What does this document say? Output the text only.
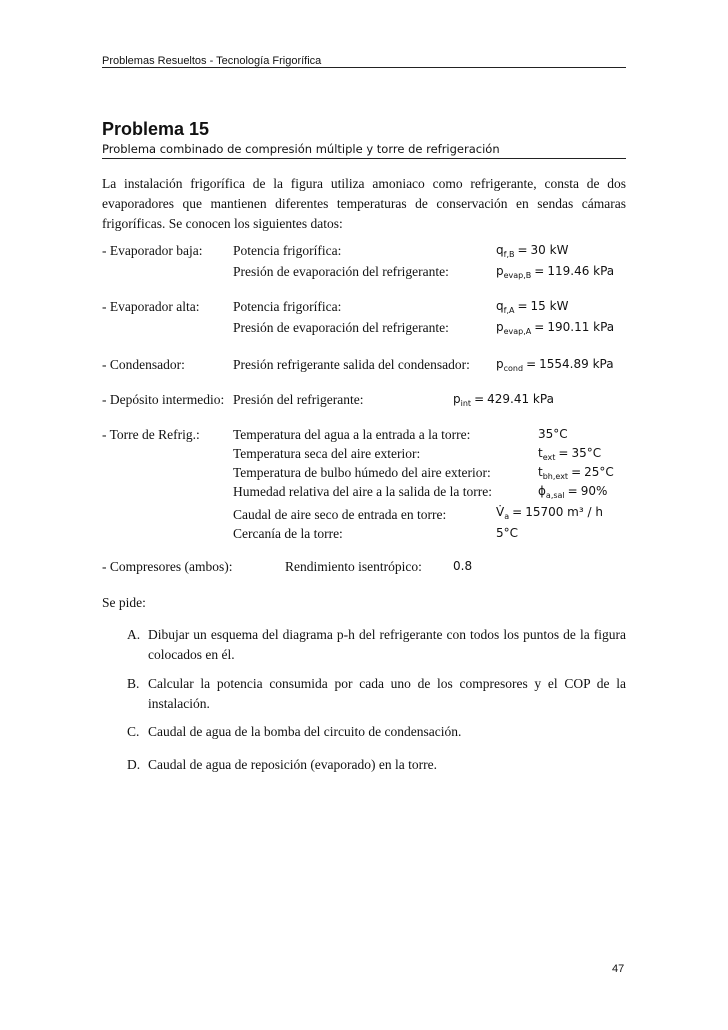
Problemas Resueltos - Tecnología Frigorífica
Problema 15
Problema combinado de compresión múltiple y torre de refrigeración
La instalación frigorífica de la figura utiliza amoniaco como refrigerante, consta de dos evaporadores que mantienen diferentes temperaturas de conservación en sendas cámaras frigoríficas. Se conocen los siguientes datos:
- Evaporador baja: Potencia frigorífica:	$q_{f,B} = 30$ kW
Presión de evaporación del refrigerante:	$p_{evap,B} = 119.46$ kPa
- Evaporador alta: Potencia frigorífica:	$q_{f,A} = 15$ kW
Presión de evaporación del refrigerante:	$p_{evap,A} = 190.11$ kPa
- Condensador:	Presión refrigerante salida del condensador: $p_{cond} = 1554.89$ kPa
- Depósito intermedio: Presión del refrigerante:	$p_{int} = 429.41$ kPa
- Torre de Refrig.: Temperatura del agua a la entrada a la torre:	35°C
Temperatura seca del aire exterior:	$t_{ext} = 35^\circ C$
Temperatura de bulbo húmedo del aire exterior:	$t_{bh,ext} = 25^\circ C$
Humedad relativa del aire a la salida de la torre:	$\phi_{a,sal} = 90\%$
Caudal de aire seco de entrada en torre:	$V̇_a = 15700$ m³ / h
Cercanía de la torre:	5°C
- Compresores (ambos):	Rendimiento isentrópico:	0.8
Se pide:
A. Dibujar un esquema del diagrama p-h del refrigerante con todos los puntos de la figura colocados en él.
B. Calcular la potencia consumida por cada uno de los compresores y el COP de la instalación.
C. Caudal de agua de la bomba del circuito de condensación.
D. Caudal de agua de reposición (evaporado) en la torre.
47
